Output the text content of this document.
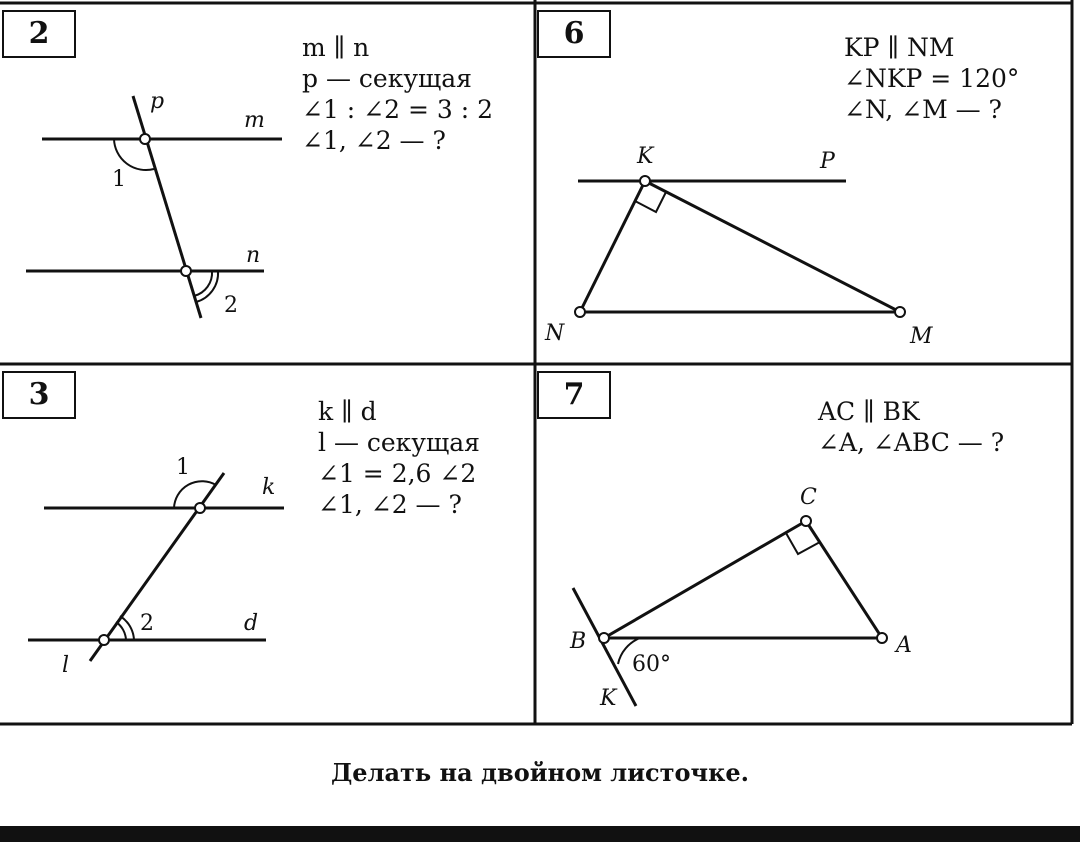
p
m
n
1
2
K	P
N	M
k
d
l
1
2
C
B	A
K
60°
2	6
3	7
m ∥ n
p — секущая
∠1 : ∠2 = 3 : 2
∠1, ∠2 — ?
KP ∥ NM
∠NKP = 120°
∠N, ∠M — ?
k ∥ d
l — секущая
∠1 = 2,6 ∠2
∠1, ∠2 — ?
AC ∥ BK
∠A, ∠ABC — ?
Делать на двойном листочке.
